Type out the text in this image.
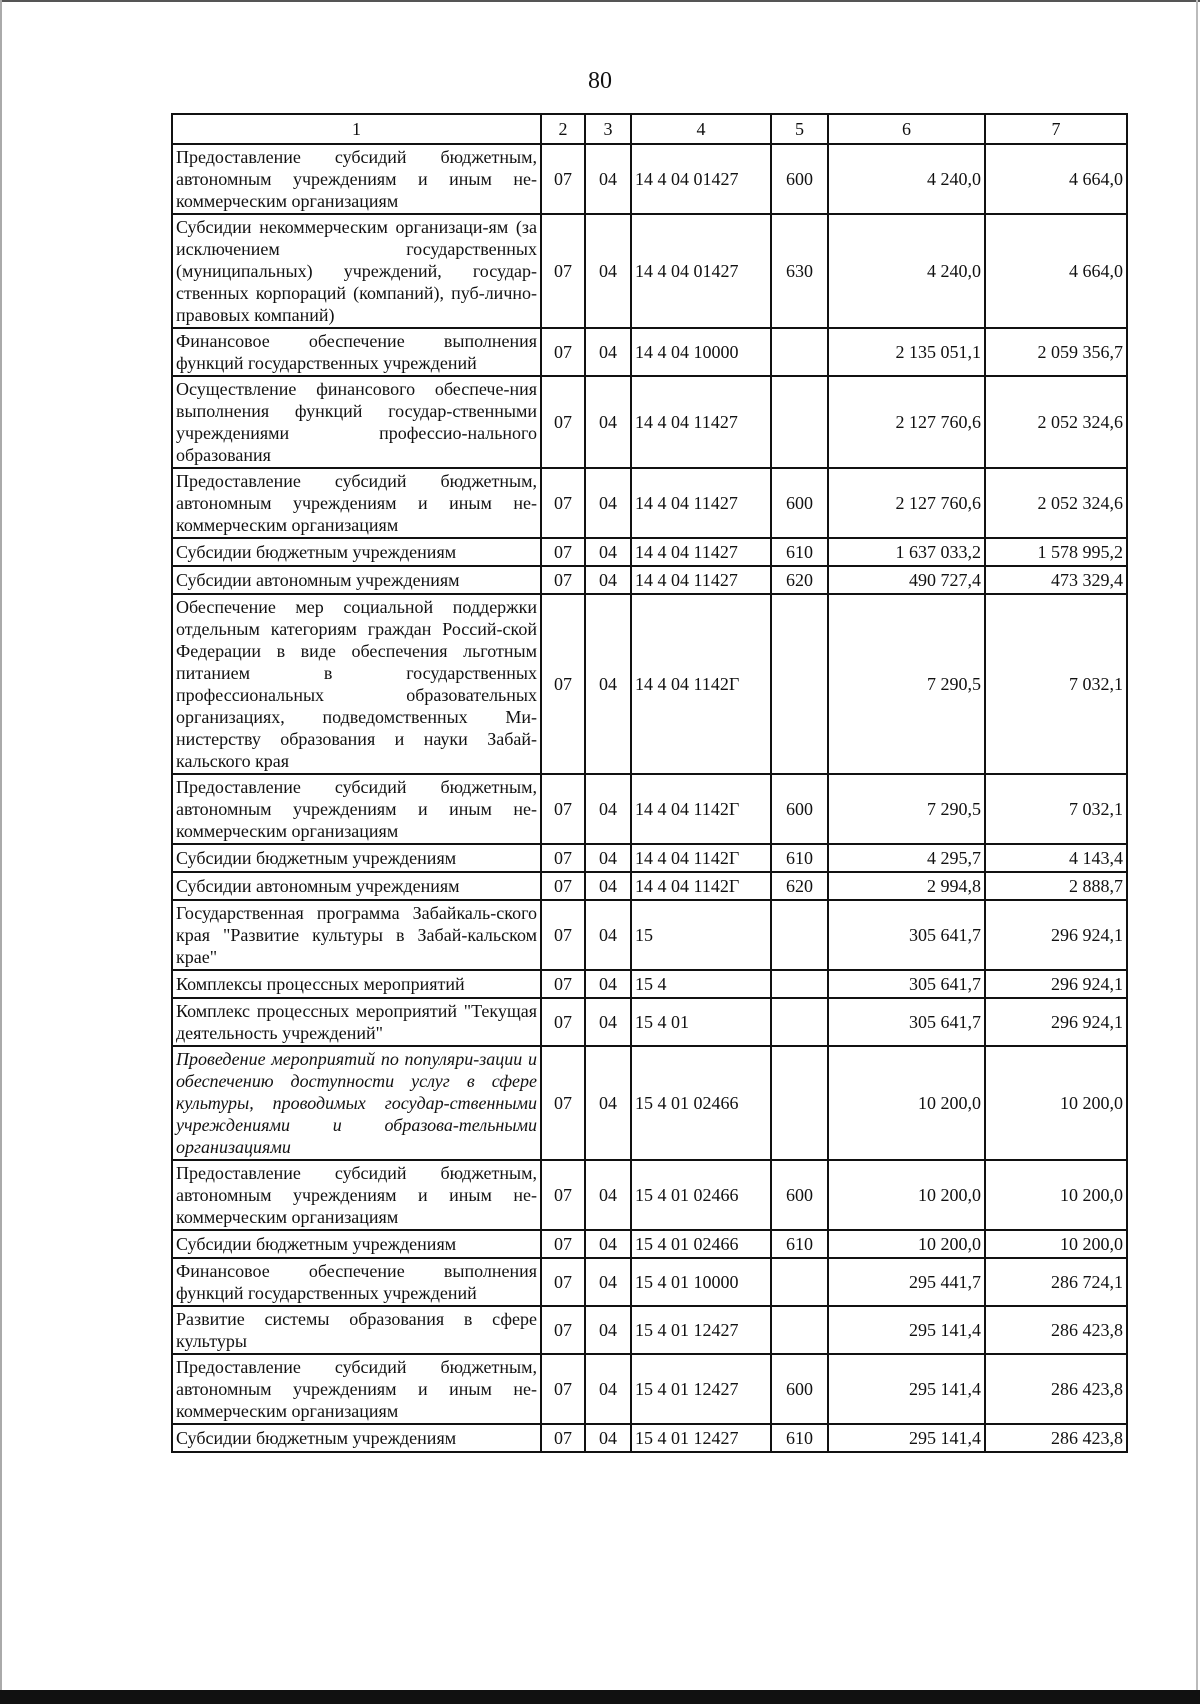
80
1	2	3	4	5	6	7
Предоставление субсидий бюджетным, автономным учреждениям и иным не-коммерческим организациям	07	04	14 4 04 01427	600	4 240,0	4 664,0
Субсидии некоммерческим организаци-ям (за исключением государственных (муниципальных) учреждений, государ-ственных корпораций (компаний), пуб-лично-правовых компаний)	07	04	14 4 04 01427	630	4 240,0	4 664,0
Финансовое обеспечение выполнения функций государственных учреждений	07	04	14 4 04 10000		2 135 051,1	2 059 356,7
Осуществление финансового обеспече-ния выполнения функций государ-ственными учреждениями профессио-нального образования	07	04	14 4 04 11427		2 127 760,6	2 052 324,6
Предоставление субсидий бюджетным, автономным учреждениям и иным не-коммерческим организациям	07	04	14 4 04 11427	600	2 127 760,6	2 052 324,6
Субсидии бюджетным учреждениям	07	04	14 4 04 11427	610	1 637 033,2	1 578 995,2
Субсидии автономным учреждениям	07	04	14 4 04 11427	620	490 727,4	473 329,4
Обеспечение мер социальной поддержки отдельным категориям граждан Россий-ской Федерации в виде обеспечения льготным питанием в государственных профессиональных образовательных организациях, подведомственных Ми-нистерству образования и науки Забай-кальского края	07	04	14 4 04 1142Г		7 290,5	7 032,1
Предоставление субсидий бюджетным, автономным учреждениям и иным не-коммерческим организациям	07	04	14 4 04 1142Г	600	7 290,5	7 032,1
Субсидии бюджетным учреждениям	07	04	14 4 04 1142Г	610	4 295,7	4 143,4
Субсидии автономным учреждениям	07	04	14 4 04 1142Г	620	2 994,8	2 888,7
Государственная программа Забайкаль-ского края "Развитие культуры в Забай-кальском крае"	07	04	15		305 641,7	296 924,1
Комплексы процессных мероприятий	07	04	15 4		305 641,7	296 924,1
Комплекс процессных мероприятий "Текущая деятельность учреждений"	07	04	15 4 01		305 641,7	296 924,1
Проведение мероприятий по популяри-зации и обеспечению доступности услуг в сфере культуры, проводимых государ-ственными учреждениями и образова-тельными организациями	07	04	15 4 01 02466		10 200,0	10 200,0
Предоставление субсидий бюджетным, автономным учреждениям и иным не-коммерческим организациям	07	04	15 4 01 02466	600	10 200,0	10 200,0
Субсидии бюджетным учреждениям	07	04	15 4 01 02466	610	10 200,0	10 200,0
Финансовое обеспечение выполнения функций государственных учреждений	07	04	15 4 01 10000		295 441,7	286 724,1
Развитие системы образования в сфере культуры	07	04	15 4 01 12427		295 141,4	286 423,8
Предоставление субсидий бюджетным, автономным учреждениям и иным не-коммерческим организациям	07	04	15 4 01 12427	600	295 141,4	286 423,8
Субсидии бюджетным учреждениям	07	04	15 4 01 12427	610	295 141,4	286 423,8
